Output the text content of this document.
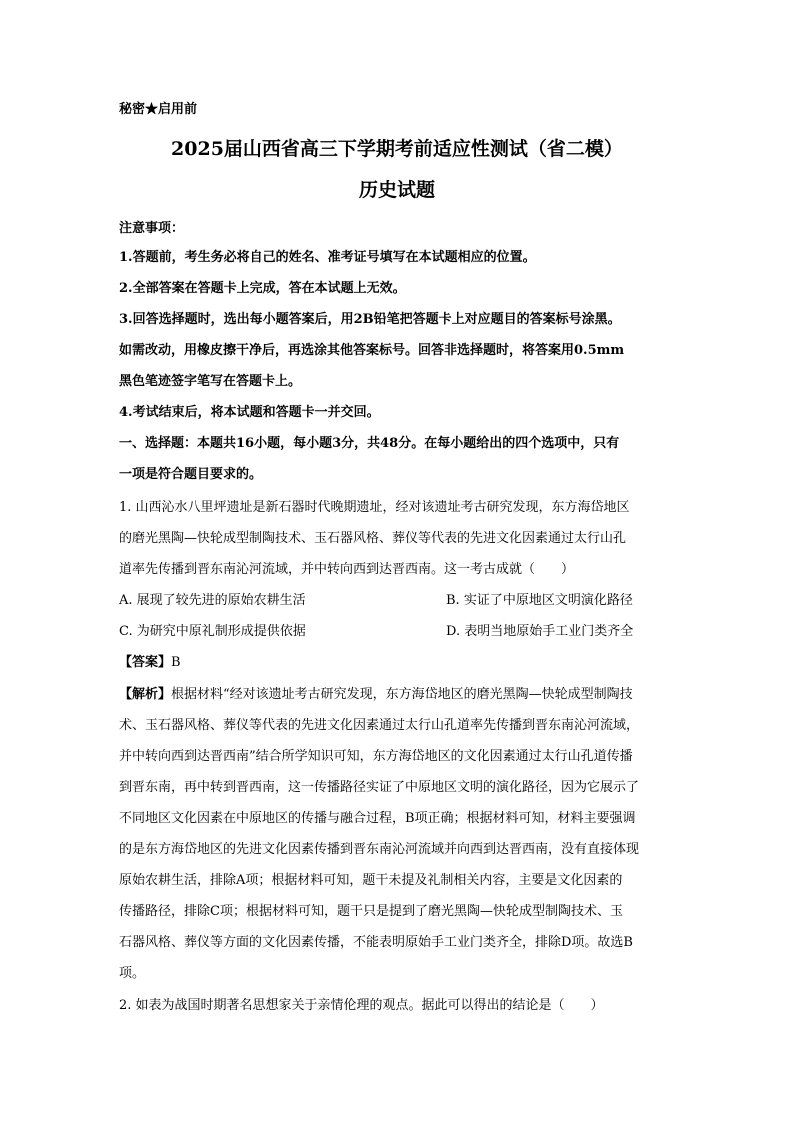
秘密★启用前
2025届山西省高三下学期考前适应性测试（省二模）
历史试题
注意事项：
1.答题前，考生务必将自己的姓名、准考证号填写在本试题相应的位置。
2.全部答案在答题卡上完成，答在本试题上无效。
3.回答选择题时，选出每小题答案后，用2B铅笔把答题卡上对应题目的答案标号涂黑。
如需改动，用橡皮擦干净后，再选涂其他答案标号。回答非选择题时，将答案用0.5mm
黑色笔迹签字笔写在答题卡上。
4.考试结束后，将本试题和答题卡一并交回。
一、选择题：本题共16小题，每小题3分，共48分。在每小题给出的四个选项中，只有
一项是符合题目要求的。
1. 山西沁水八里坪遗址是新石器时代晚期遗址，经对该遗址考古研究发现，东方海岱地区
的磨光黑陶—快轮成型制陶技术、玉石器风格、葬仪等代表的先进文化因素通过太行山孔
道率先传播到晋东南沁河流域，并中转向西到达晋西南。这一考古成就（　　）
A. 展现了较先进的原始农耕生活	B. 实证了中原地区文明演化路径
C. 为研究中原礼制形成提供依据	D. 表明当地原始手工业门类齐全
【答案】B
【解析】根据材料“经对该遗址考古研究发现，东方海岱地区的磨光黑陶—快轮成型制陶技
术、玉石器风格、葬仪等代表的先进文化因素通过太行山孔道率先传播到晋东南沁河流域，
并中转向西到达晋西南”结合所学知识可知，东方海岱地区的文化因素通过太行山孔道传播
到晋东南，再中转到晋西南，这一传播路径实证了中原地区文明的演化路径，因为它展示了
不同地区文化因素在中原地区的传播与融合过程，B项正确；根据材料可知，材料主要强调
的是东方海岱地区的先进文化因素传播到晋东南沁河流域并向西到达晋西南，没有直接体现
原始农耕生活，排除A项；根据材料可知，题干未提及礼制相关内容，主要是文化因素的
传播路径，排除C项；根据材料可知，题干只是提到了磨光黑陶—快轮成型制陶技术、玉
石器风格、葬仪等方面的文化因素传播，不能表明原始手工业门类齐全，排除D项。故选B
项。
2. 如表为战国时期著名思想家关于亲情伦理的观点。据此可以得出的结论是（　　）
